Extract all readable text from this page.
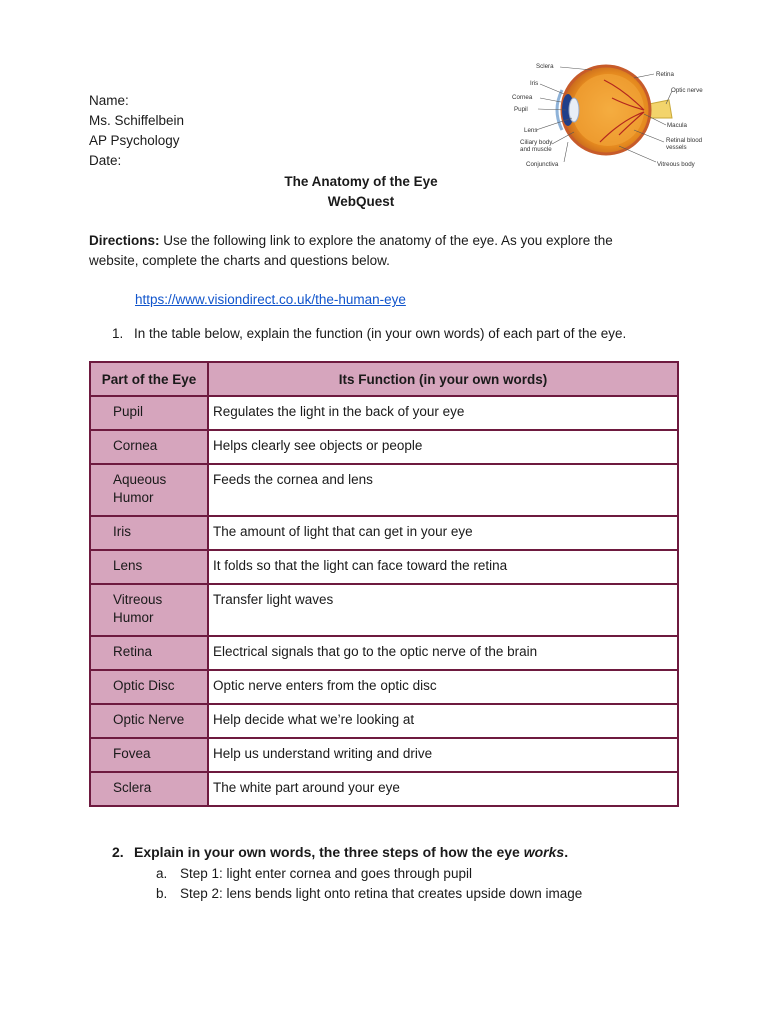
Name:
Ms. Schiffelbein
AP Psychology
Date:
Sclera
Iris
Cornea
Pupil
Lens
Ciliary body
and muscle
Conjunctiva
Retina
Optic nerve
Macula
Retinal blood
vessels
Vitreous body
The Anatomy of the Eye
WebQuest
Directions: Use the following link to explore the anatomy of the eye. As you explore the
website, complete the charts and questions below.
https://www.visiondirect.co.uk/the-human-eye
1. In the table below, explain the function (in your own words) of each part of the eye.
Part of the Eye	Its Function (in your own words)
Pupil	Regulates the light in the back of your eye
Cornea	Helps clearly see objects or people
Aqueous
Humor	Feeds the cornea and lens
Iris	The amount of light that can get in your eye
Lens	It folds so that the light can face toward the retina
Vitreous
Humor	Transfer light waves
Retina	Electrical signals that go to the optic nerve of the brain
Optic Disc	Optic nerve enters from the optic disc
Optic Nerve	Help decide what we’re looking at
Fovea	Help us understand writing and drive
Sclera	The white part around your eye
2. Explain in your own words, the three steps of how the eye works.
a. Step 1: light enter cornea and goes through pupil
b. Step 2: lens bends light onto retina that creates upside down image
